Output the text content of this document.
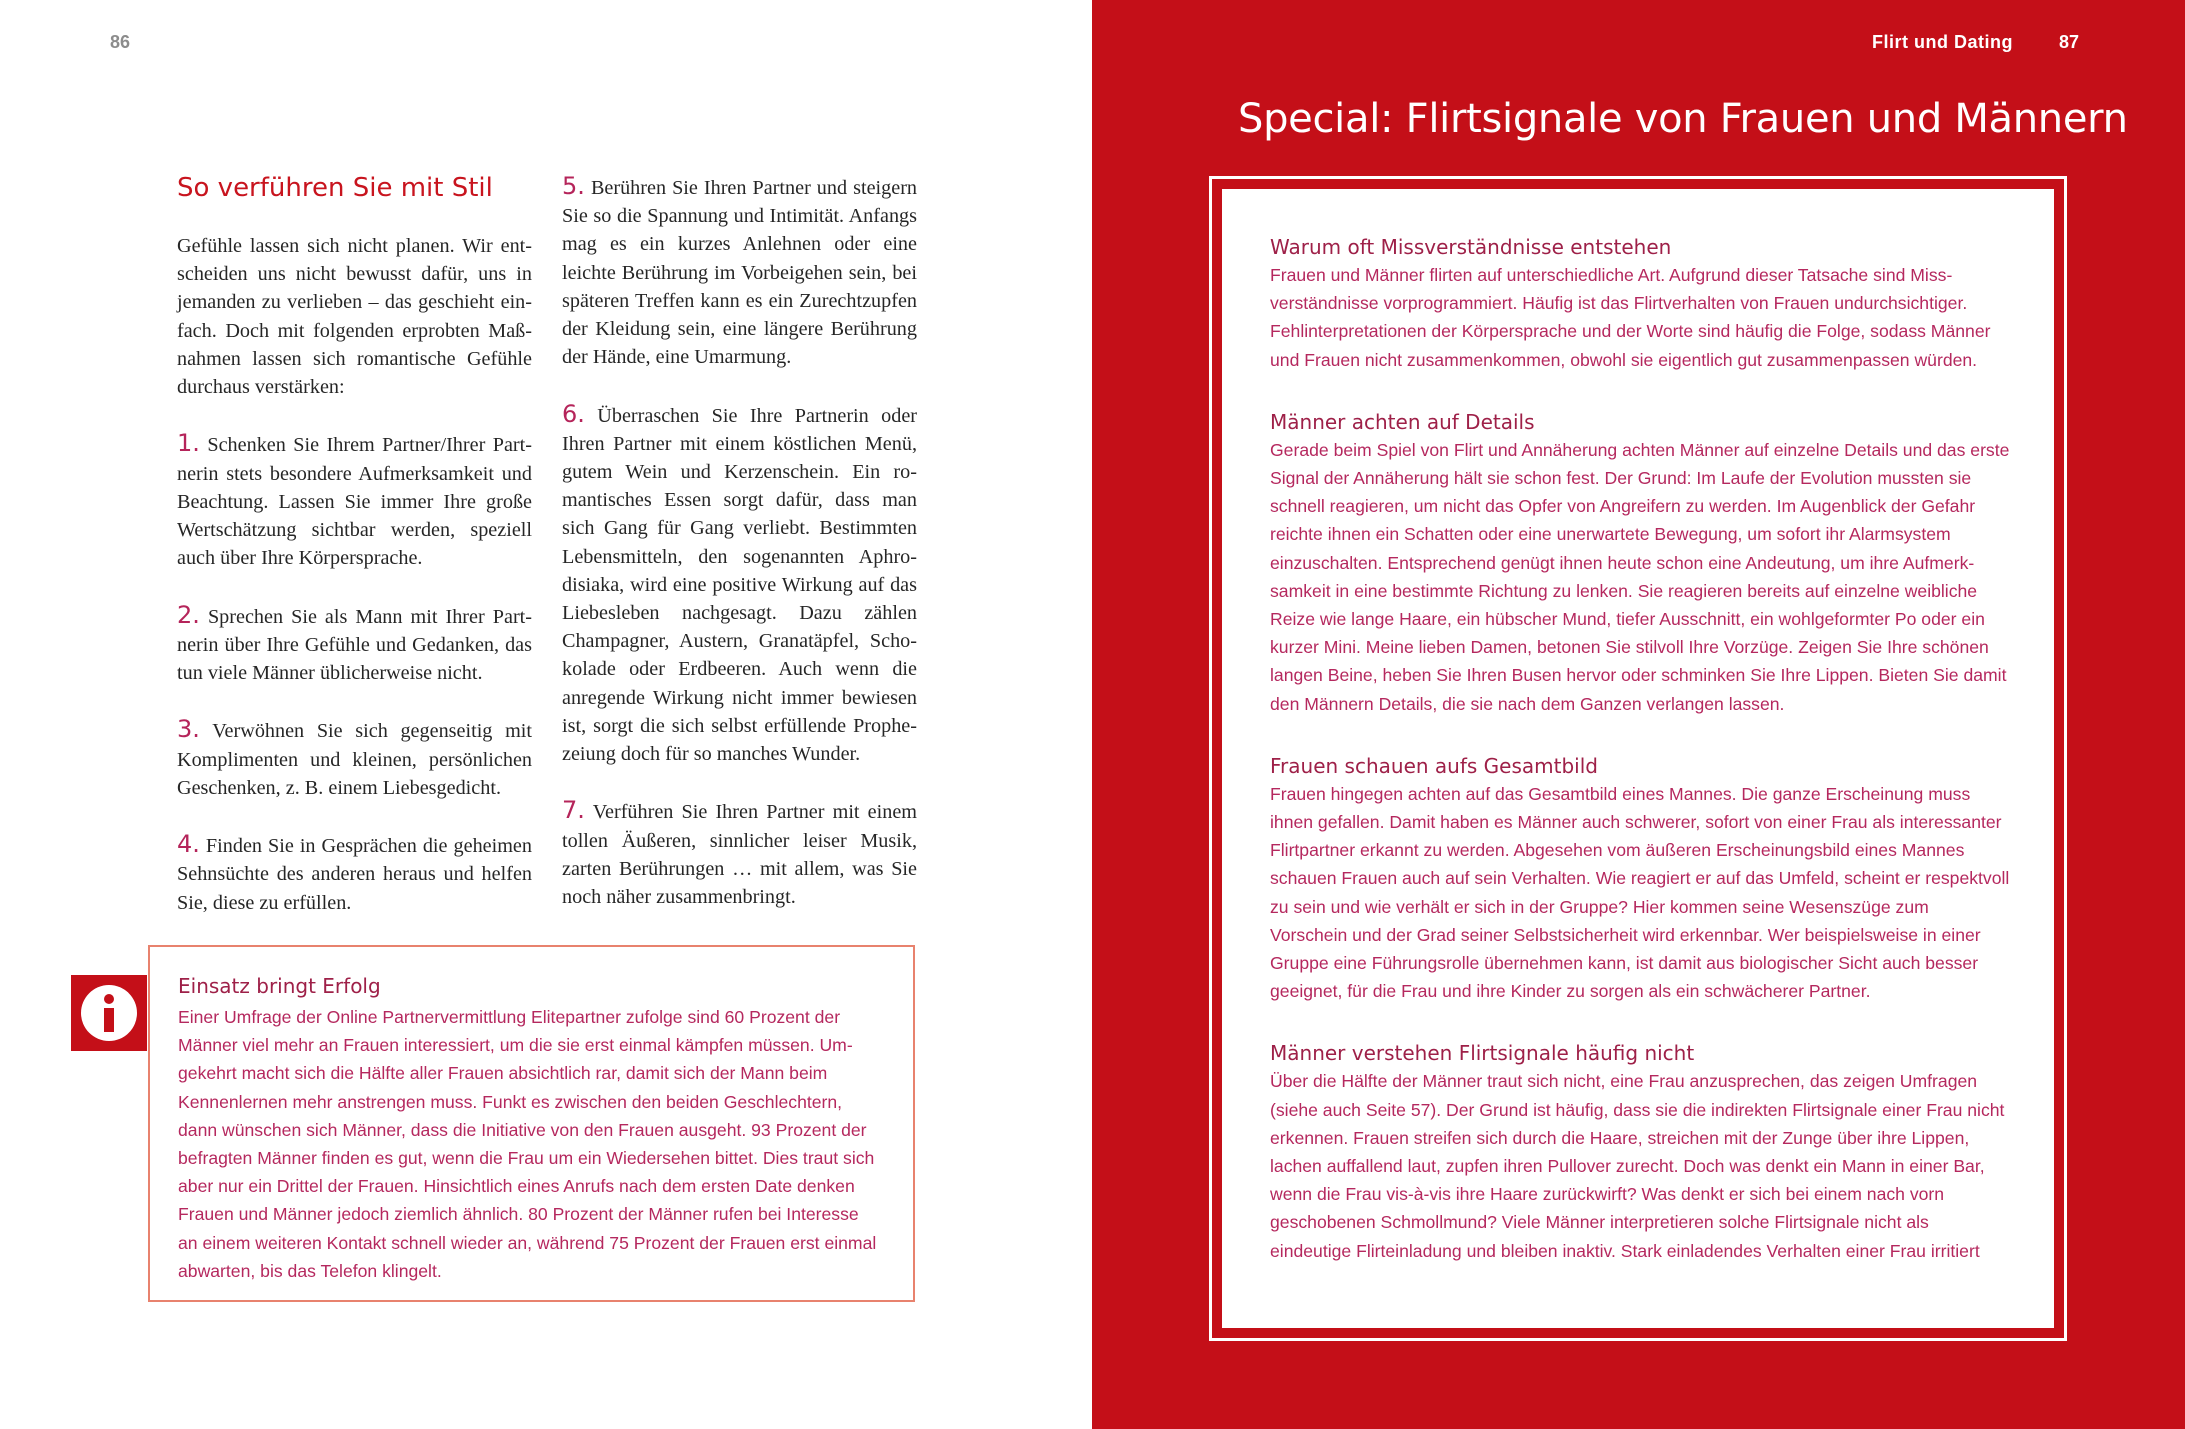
86
So verführen Sie mit Stil

Gefühle lassen sich nicht planen. Wir entscheiden uns nicht bewusst dafür, uns in jemanden zu verlieben – das geschieht einfach. Doch mit folgenden erprobten Maßnahmen lassen sich romantische Gefühle durchaus verstärken:

1. Schenken Sie Ihrem Partner/Ihrer Partnerin stets besondere Aufmerksamkeit und Beachtung. Lassen Sie immer Ihre große Wertschätzung sichtbar werden, speziell auch über Ihre Körpersprache.

2. Sprechen Sie als Mann mit Ihrer Partnerin über Ihre Gefühle und Gedanken, das tun viele Männer üblicherweise nicht.

3. Verwöhnen Sie sich gegenseitig mit Komplimenten und kleinen, persönlichen Geschenken, z. B. einem Liebesgedicht.

4. Finden Sie in Gesprächen die geheimen Sehnsüchte des anderen heraus und helfen Sie, diese zu erfüllen.

5. Berühren Sie Ihren Partner und steigern Sie so die Spannung und Intimität. Anfangs mag es ein kurzes Anlehnen oder eine leichte Berührung im Vorbeigehen sein, bei späteren Treffen kann es ein Zurechtzupfen der Kleidung sein, eine längere Berührung der Hände, eine Umarmung.

6. Überraschen Sie Ihre Partnerin oder Ihren Partner mit einem köstlichen Menü, gutem Wein und Kerzenschein. Ein romantisches Essen sorgt dafür, dass man sich Gang für Gang verliebt. Bestimmten Lebensmitteln, den sogenannten Aphrodisiaka, wird eine positive Wirkung auf das Liebesleben nachgesagt. Dazu zählen Champagner, Austern, Granatäpfel, Schokolade oder Erdbeeren. Auch wenn die anregende Wirkung nicht immer bewiesen ist, sorgt die sich selbst erfüllende Prophezeiung doch für so manches Wunder.

7. Verführen Sie Ihren Partner mit einem tollen Äußeren, sinnlicher leiser Musik, zarten Berührungen … mit allem, was Sie noch näher zusammenbringt.

Einsatz bringt Erfolg
Einer Umfrage der Online Partnervermittlung Elitepartner zufolge sind 60 Prozent der Männer viel mehr an Frauen interessiert, um die sie erst einmal kämpfen müssen. Umgekehrt macht sich die Hälfte aller Frauen absichtlich rar, damit sich der Mann beim Kennenlernen mehr anstrengen muss. Funkt es zwischen den beiden Geschlechtern, dann wünschen sich Männer, dass die Initiative von den Frauen ausgeht. 93 Prozent der befragten Männer finden es gut, wenn die Frau um ein Wiedersehen bittet. Dies traut sich aber nur ein Drittel der Frauen. Hinsichtlich eines Anrufs nach dem ersten Date denken Frauen und Männer jedoch ziemlich ähnlich. 80 Prozent der Männer rufen bei Interesse an einem weiteren Kontakt schnell wieder an, während 75 Prozent der Frauen erst einmal abwarten, bis das Telefon klingelt.
Flirt und Dating	87
Special: Flirtsignale von Frauen und Männern
Warum oft Missverständnisse entstehen
Frauen und Männer flirten auf unterschiedliche Art. Aufgrund dieser Tatsache sind Missverständnisse vorprogrammiert. Häufig ist das Flirtverhalten von Frauen undurchsichtiger. Fehlinterpretationen der Körpersprache und der Worte sind häufig die Folge, sodass Männer und Frauen nicht zusammenkommen, obwohl sie eigentlich gut zusammenpassen würden.
Männer achten auf Details
Gerade beim Spiel von Flirt und Annäherung achten Männer auf einzelne Details und das erste Signal der Annäherung hält sie schon fest. Der Grund: Im Laufe der Evolution mussten sie schnell reagieren, um nicht das Opfer von Angreifern zu werden. Im Augenblick der Gefahr reichte ihnen ein Schatten oder eine unerwartete Bewegung, um sofort ihr Alarmsystem einzuschalten. Entsprechend genügt ihnen heute schon eine Andeutung, um ihre Aufmerksamkeit in eine bestimmte Richtung zu lenken. Sie reagieren bereits auf einzelne weibliche Reize wie lange Haare, ein hübscher Mund, tiefer Ausschnitt, ein wohlgeformter Po oder ein kurzer Mini. Meine lieben Damen, betonen Sie stilvoll Ihre Vorzüge. Zeigen Sie Ihre schönen langen Beine, heben Sie Ihren Busen hervor oder schminken Sie Ihre Lippen. Bieten Sie damit den Männern Details, die sie nach dem Ganzen verlangen lassen.
Frauen schauen aufs Gesamtbild
Frauen hingegen achten auf das Gesamtbild eines Mannes. Die ganze Erscheinung muss ihnen gefallen. Damit haben es Männer auch schwerer, sofort von einer Frau als interessanter Flirtpartner erkannt zu werden. Abgesehen vom äußeren Erscheinungsbild eines Mannes schauen Frauen auch auf sein Verhalten. Wie reagiert er auf das Umfeld, scheint er respektvoll zu sein und wie verhält er sich in der Gruppe? Hier kommen seine Wesenszüge zum Vorschein und der Grad seiner Selbstsicherheit wird erkennbar. Wer beispielsweise in einer Gruppe eine Führungsrolle übernehmen kann, ist damit aus biologischer Sicht auch besser geeignet, für die Frau und ihre Kinder zu sorgen als ein schwächerer Partner.
Männer verstehen Flirtsignale häufig nicht
Über die Hälfte der Männer traut sich nicht, eine Frau anzusprechen, das zeigen Umfragen (siehe auch Seite 57). Der Grund ist häufig, dass sie die indirekten Flirtsignale einer Frau nicht erkennen. Frauen streifen sich durch die Haare, streichen mit der Zunge über ihre Lippen, lachen auffallend laut, zupfen ihren Pullover zurecht. Doch was denkt ein Mann in einer Bar, wenn die Frau vis-à-vis ihre Haare zurückwirft? Was denkt er sich bei einem nach vorn geschobenen Schmollmund? Viele Männer interpretieren solche Flirtsignale nicht als eindeutige Flirteinladung und bleiben inaktiv. Stark einladendes Verhalten einer Frau irritiert
